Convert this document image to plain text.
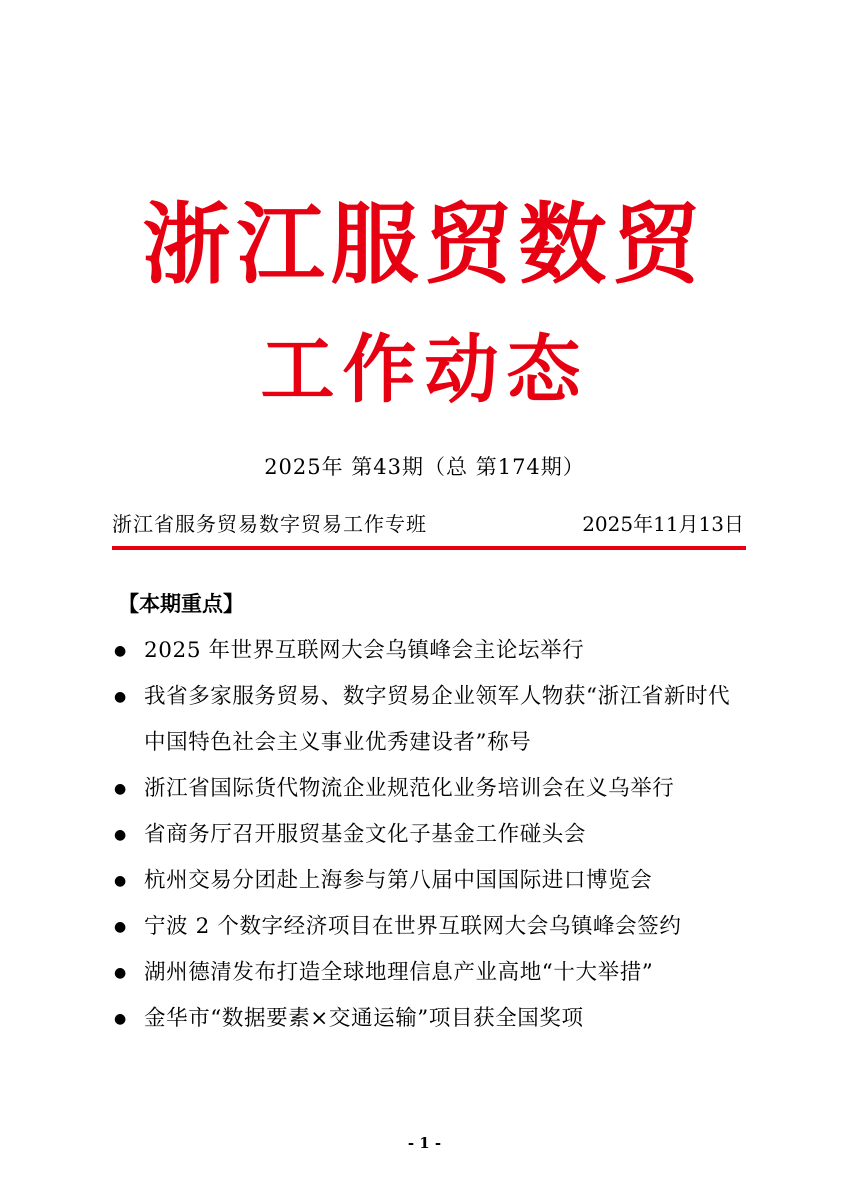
浙江服贸数贸
工作动态
2025年 第43期（总 第174期）
浙江省服务贸易数字贸易工作专班	2025年11月13日
【本期重点】
● 2025 年世界互联网大会乌镇峰会主论坛举行
● 我省多家服务贸易、数字贸易企业领军人物获“浙江省新时代中国特色社会主义事业优秀建设者”称号
● 浙江省国际货代物流企业规范化业务培训会在义乌举行
● 省商务厅召开服贸基金文化子基金工作碰头会
● 杭州交易分团赴上海参与第八届中国国际进口博览会
● 宁波 2 个数字经济项目在世界互联网大会乌镇峰会签约
● 湖州德清发布打造全球地理信息产业高地“十大举措”
● 金华市“数据要素×交通运输”项目获全国奖项
- 1 -
